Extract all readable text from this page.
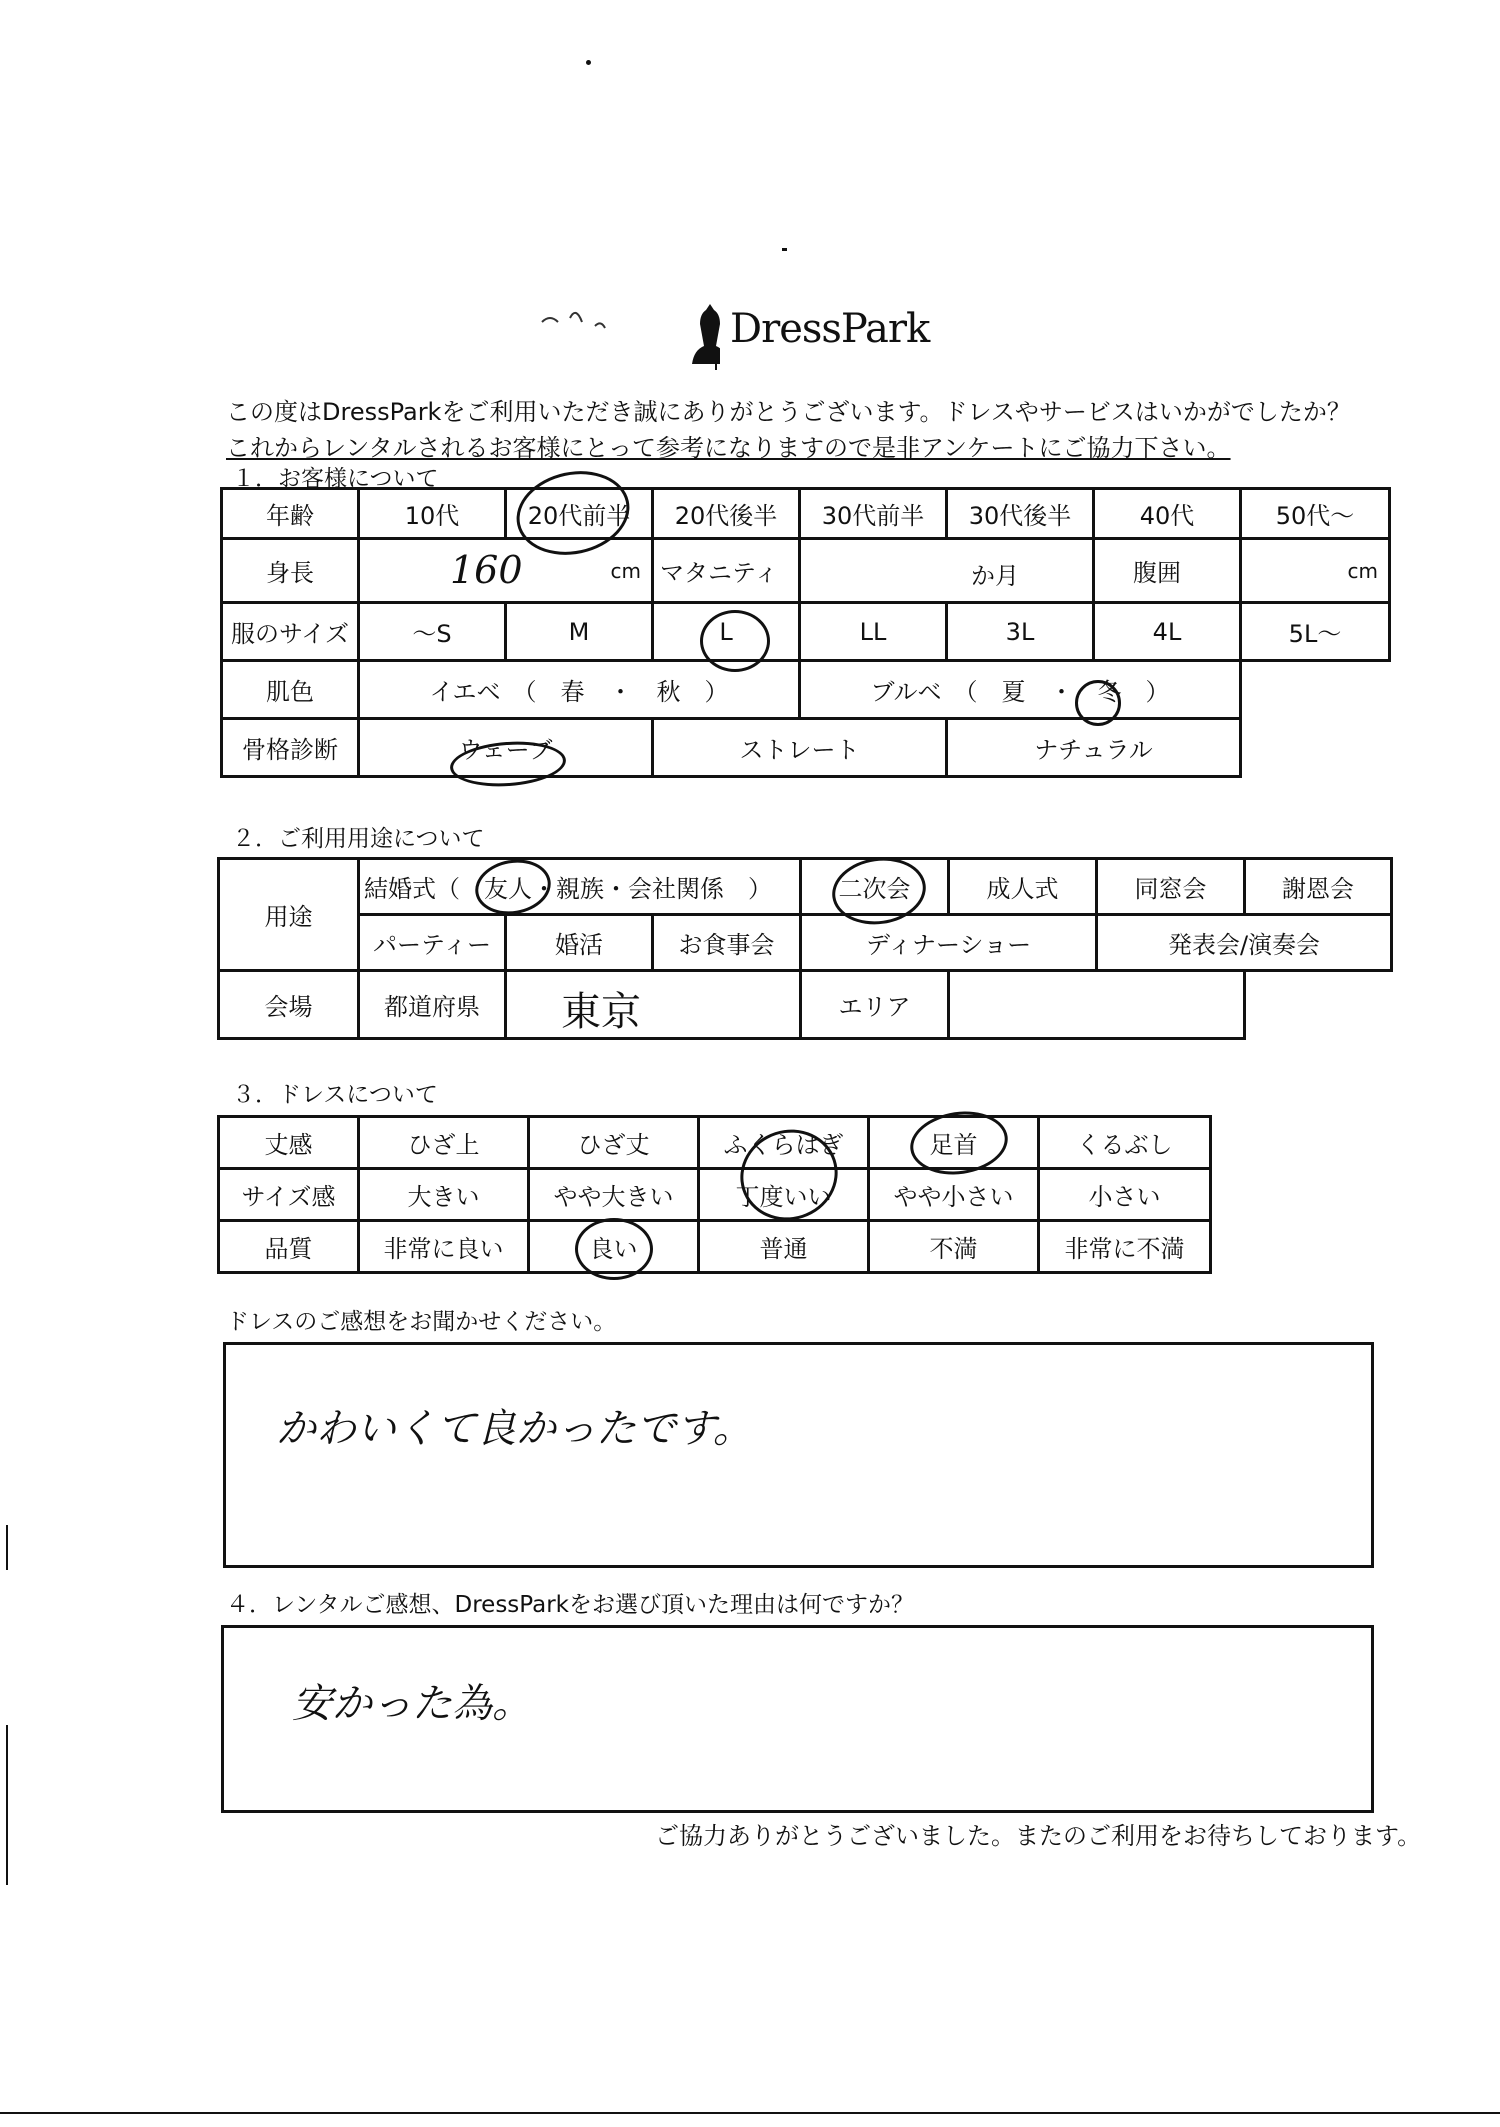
DressPark
この度はDressParkをご利用いただき誠にありがとうございます。ドレスやサービスはいかがでしたか？
これからレンタルされるお客様にとって参考になりますので是非アンケートにご協力下さい。
１．お客様について
年齢	10代	20代前半	20代後半	30代前半	30代後半	40代	50代～
身長	160 cm		マタニティ	か月		腹囲	cm

服のサイズ	～S	M	L	LL	3L	4L	5L～
肌色	イエベ　（　春　・　秋　）			ブルベ　（　夏　・　冬　）			
骨格診断	ウェーブ		ストレート		ナチュラル		
２．ご利用用途について
用途	結婚式（　友人・親族・会社関係　）			二次会	成人式	同窓会	謝恩会
	パーティー	婚活	お食事会	ディナーショー		発表会/演奏会	
会場	都道府県	東京		エリア			
３．ドレスについて
丈感	ひざ上	ひざ丈	ふくらはぎ	足首	くるぶし
サイズ感	大きい	やや大きい	丁度いい	やや小さい	小さい
品質	非常に良い	良い	普通	不満	非常に不満
ドレスのご感想をお聞かせください。
かわいくて良かったです。
４．レンタルご感想、DressParkをお選び頂いた理由は何ですか？
安かった為。
ご協力ありがとうございました。またのご利用をお待ちしております。
